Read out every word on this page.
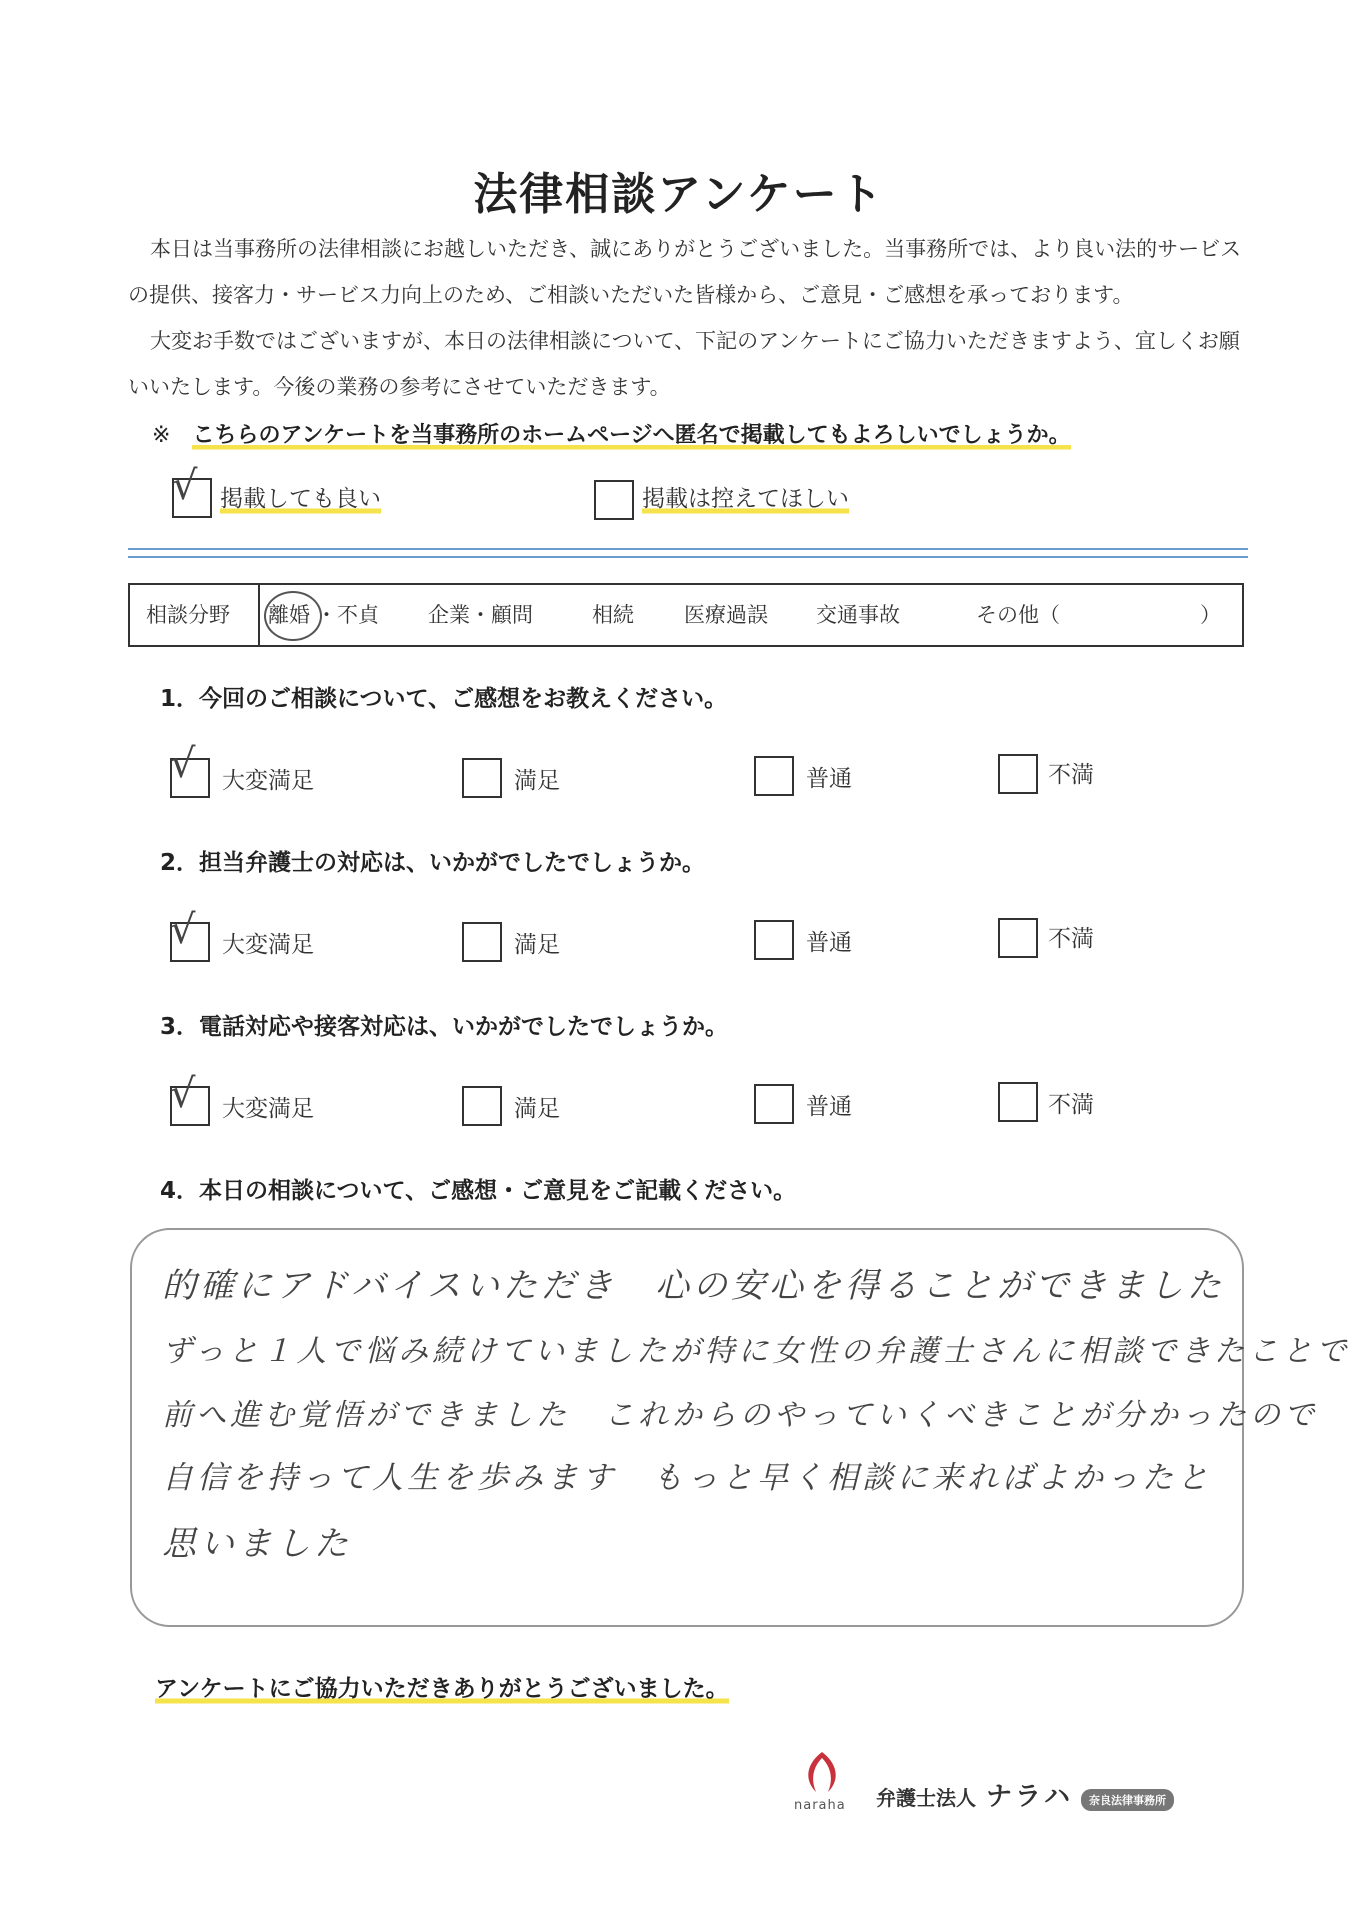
法律相談アンケート

本日は当事務所の法律相談にお越しいただき、誠にありがとうございました。当事務所では、より良い法的サービスの提供、接客力・サービス力向上のため、ご相談いただいた皆様から、ご意見・ご感想を承っております。

大変お手数ではございますが、本日の法律相談について、下記のアンケートにご協力いただきますよう、宜しくお願いいたします。今後の業務の参考にさせていただきます。

※ こちらのアンケートを当事務所のホームページへ匿名で掲載してもよろしいでしょうか。
√ 掲載しても良い	掲載は控えてほしい
相談分野 離婚 ・不貞 企業・顧問	相続 医療過誤 交通事故	その他（	）
1．今回のご相談について、ご感想をお教えください。
√ 大変満足	満足	普通	不満
2．担当弁護士の対応は、いかがでしたでしょうか。
√ 大変満足	満足	普通	不満
3．電話対応や接客対応は、いかがでしたでしょうか。
√ 大変満足	満足	普通	不満
4．本日の相談について、ご感想・ご意見をご記載ください。
的確にアドバイスいただき　心の安心を得ることができました
ずっと１人で悩み続けていましたが特に女性の弁護士さんに相談できたことで
前へ進む覚悟ができました　これからのやっていくべきことが分かったので
自信を持って人生を歩みます　もっと早く相談に来ればよかったと
思いました
アンケートにご協力いただきありがとうございました。
naraha 弁護士法人 ナラハ 奈良法律事務所
